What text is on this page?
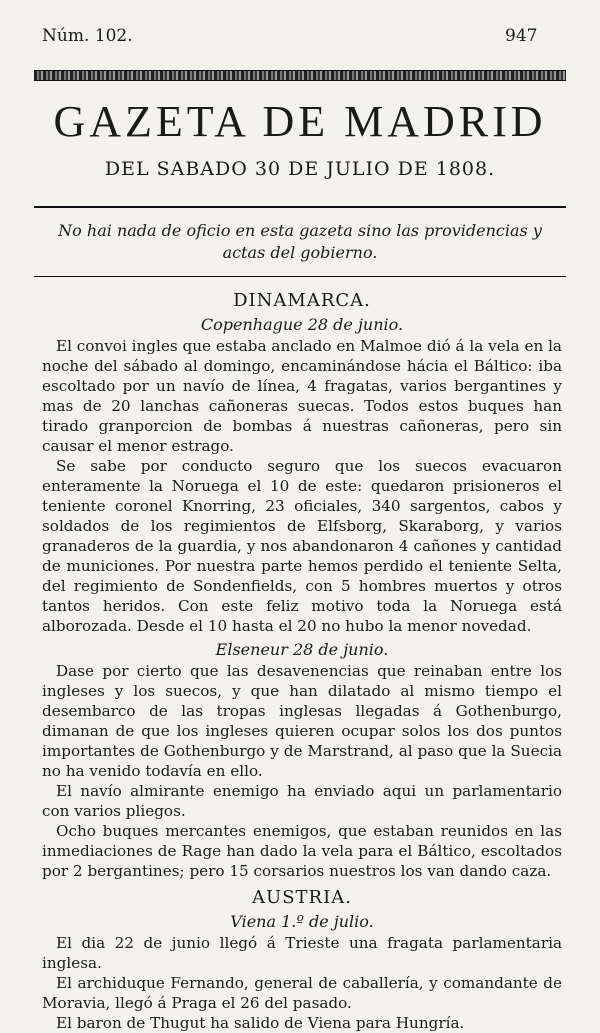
Núm. 102.	947
GAZETA DE MADRID
DEL SABADO 30 DE JULIO DE 1808.
No hai nada de oficio en esta gazeta sino las providencias y actas del gobierno.
DINAMARCA.
Copenhague 28 de junio.

El convoi ingles que estaba anclado en Malmoe dió á la vela en la noche del sábado al domingo, encaminándose hácia el Báltico: iba escoltado por un navío de línea, 4 fragatas, varios bergantines y mas de 20 lanchas cañoneras suecas. Todos estos buques han tirado granporcion de bombas á nuestras cañoneras, pero sin causar el menor estrago.

Se sabe por conducto seguro que los suecos evacuaron enteramente la Noruega el 10 de este: quedaron prisioneros el teniente coronel Knorring, 23 oficiales, 340 sargentos, cabos y soldados de los regimientos de Elfsborg, Skaraborg, y varios granaderos de la guardia, y nos abandonaron 4 cañones y cantidad de municiones. Por nuestra parte hemos perdido el teniente Selta, del regimiento de Sondenfields, con 5 hombres muertos y otros tantos heridos. Con este feliz motivo toda la Noruega está alborozada. Desde el 10 hasta el 20 no hubo la menor novedad.

Elseneur 28 de junio.

Dase por cierto que las desavenencias que reinaban entre los ingleses y los suecos, y que han dilatado al mismo tiempo el desembarco de las tropas inglesas llegadas á Gothenburgo, dimanan de que los ingleses quieren ocupar solos los dos puntos importantes de Gothenburgo y de Marstrand, al paso que la Suecia no ha venido todavía en ello.

El navío almirante enemigo ha enviado aqui un parlamentario con varios pliegos.

Ocho buques mercantes enemigos, que estaban reunidos en las inmediaciones de Rage han dado la vela para el Báltico, escoltados por 2 bergantines; pero 15 corsarios nuestros los van dando caza.

AUSTRIA.
Viena 1.º de julio.

El dia 22 de junio llegó á Trieste una fragata parlamentaria inglesa.

El archiduque Fernando, general de caballería, y comandante de Moravia, llegó á Praga el 26 del pasado.

El baron de Thugut ha salido de Viena para Hungría.
